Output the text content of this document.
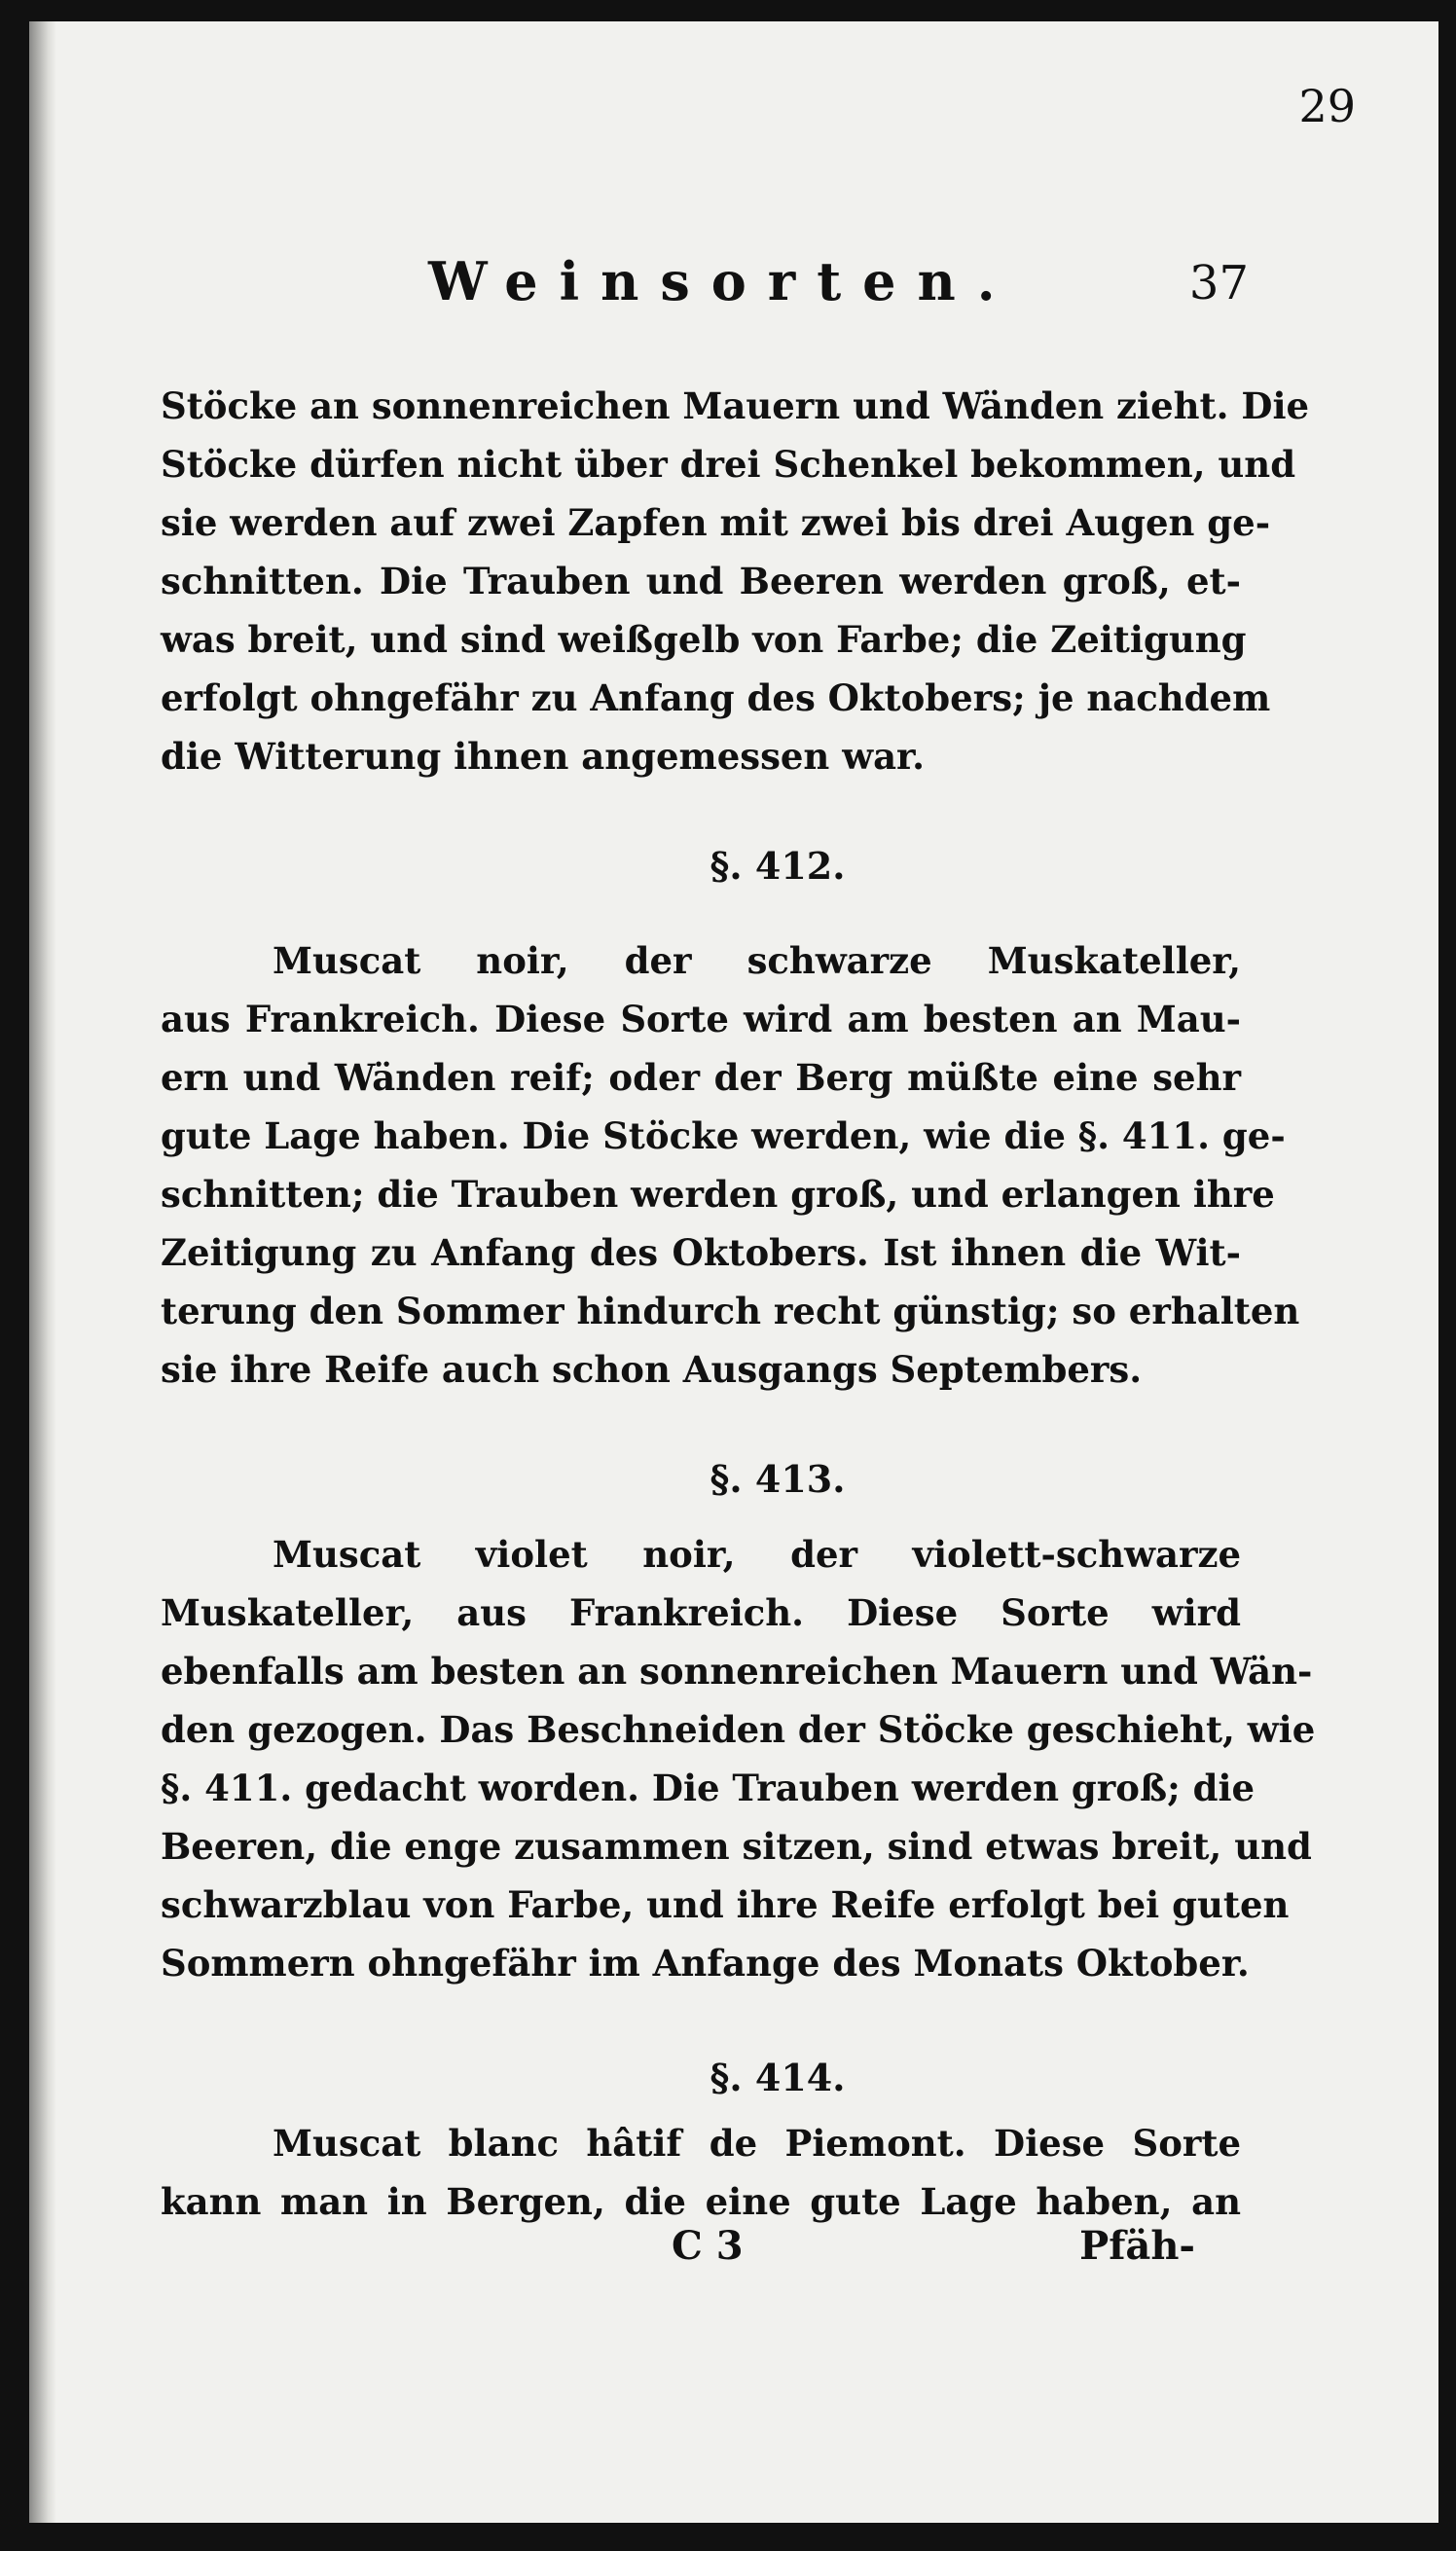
29
Weinsorten.	37
Stöcke an sonnenreichen Mauern und Wänden zieht. Die
Stöcke dürfen nicht über drei Schenkel bekommen, und
sie werden auf zwei Zapfen mit zwei bis drei Augen ge-
schnitten. Die Trauben und Beeren werden groß, et-
was breit, und sind weißgelb von Farbe; die Zeitigung
erfolgt ohngefähr zu Anfang des Oktobers; je nachdem
die Witterung ihnen angemessen war.
§. 412.
Muscat noir, der schwarze Muskateller,
aus Frankreich. Diese Sorte wird am besten an Mau-
ern und Wänden reif; oder der Berg müßte eine sehr
gute Lage haben. Die Stöcke werden, wie die §. 411. ge-
schnitten; die Trauben werden groß, und erlangen ihre
Zeitigung zu Anfang des Oktobers. Ist ihnen die Wit-
terung den Sommer hindurch recht günstig; so erhalten
sie ihre Reife auch schon Ausgangs Septembers.
§. 413.
Muscat violet noir, der violett-schwarze
Muskateller, aus Frankreich. Diese Sorte wird
ebenfalls am besten an sonnenreichen Mauern und Wän-
den gezogen. Das Beschneiden der Stöcke geschieht, wie
§. 411. gedacht worden. Die Trauben werden groß; die
Beeren, die enge zusammen sitzen, sind etwas breit, und
schwarzblau von Farbe, und ihre Reife erfolgt bei guten
Sommern ohngefähr im Anfange des Monats Oktober.
§. 414.
Muscat blanc hâtif de Piemont. Diese Sorte
kann man in Bergen, die eine gute Lage haben, an
C 3	Pfäh-
